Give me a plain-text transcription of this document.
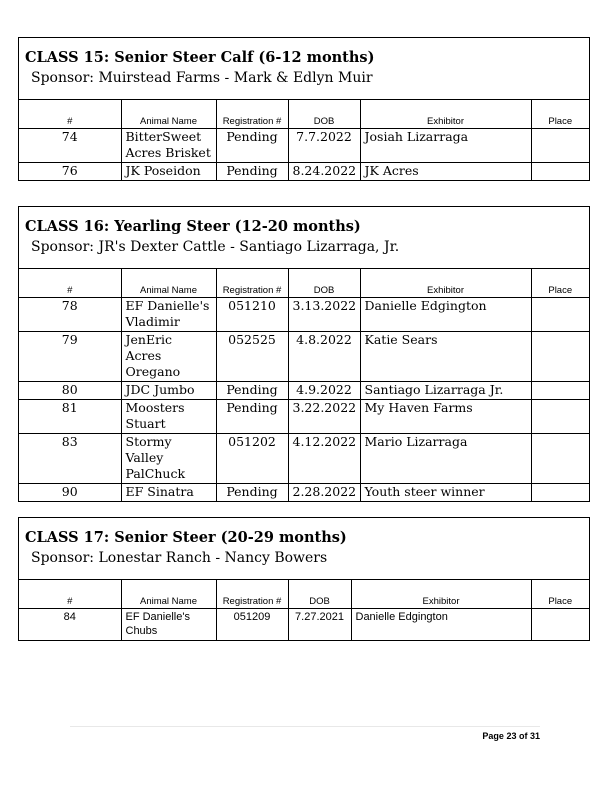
CLASS 15: Senior Steer Calf (6-12 months)
Sponsor: Muirstead Farms - Mark & Edlyn Muir
#	Animal Name	Registration #	DOB	Exhibitor	Place
74	BitterSweet Acres Brisket	Pending	7.7.2022	Josiah Lizarraga	
76	JK Poseidon	Pending	8.24.2022	JK Acres	
CLASS 16: Yearling Steer (12-20 months)
Sponsor: JR's Dexter Cattle - Santiago Lizarraga, Jr.
#	Animal Name	Registration #	DOB	Exhibitor	Place
78	EF Danielle's Vladimir	051210	3.13.2022	Danielle Edgington	
79	JenEric Acres Oregano	052525	4.8.2022	Katie Sears	
80	JDC Jumbo	Pending	4.9.2022	Santiago Lizarraga Jr.	
81	Moosters Stuart	Pending	3.22.2022	My Haven Farms	
83	Stormy Valley PalChuck	051202	4.12.2022	Mario Lizarraga	
90	EF Sinatra	Pending	2.28.2022	Youth steer winner	
CLASS 17: Senior Steer (20-29 months)
Sponsor: Lonestar Ranch - Nancy Bowers
#	Animal Name	Registration #	DOB	Exhibitor	Place
84	EF Danielle's Chubs	051209	7.27.2021	Danielle Edgington	
Page 23 of 31
